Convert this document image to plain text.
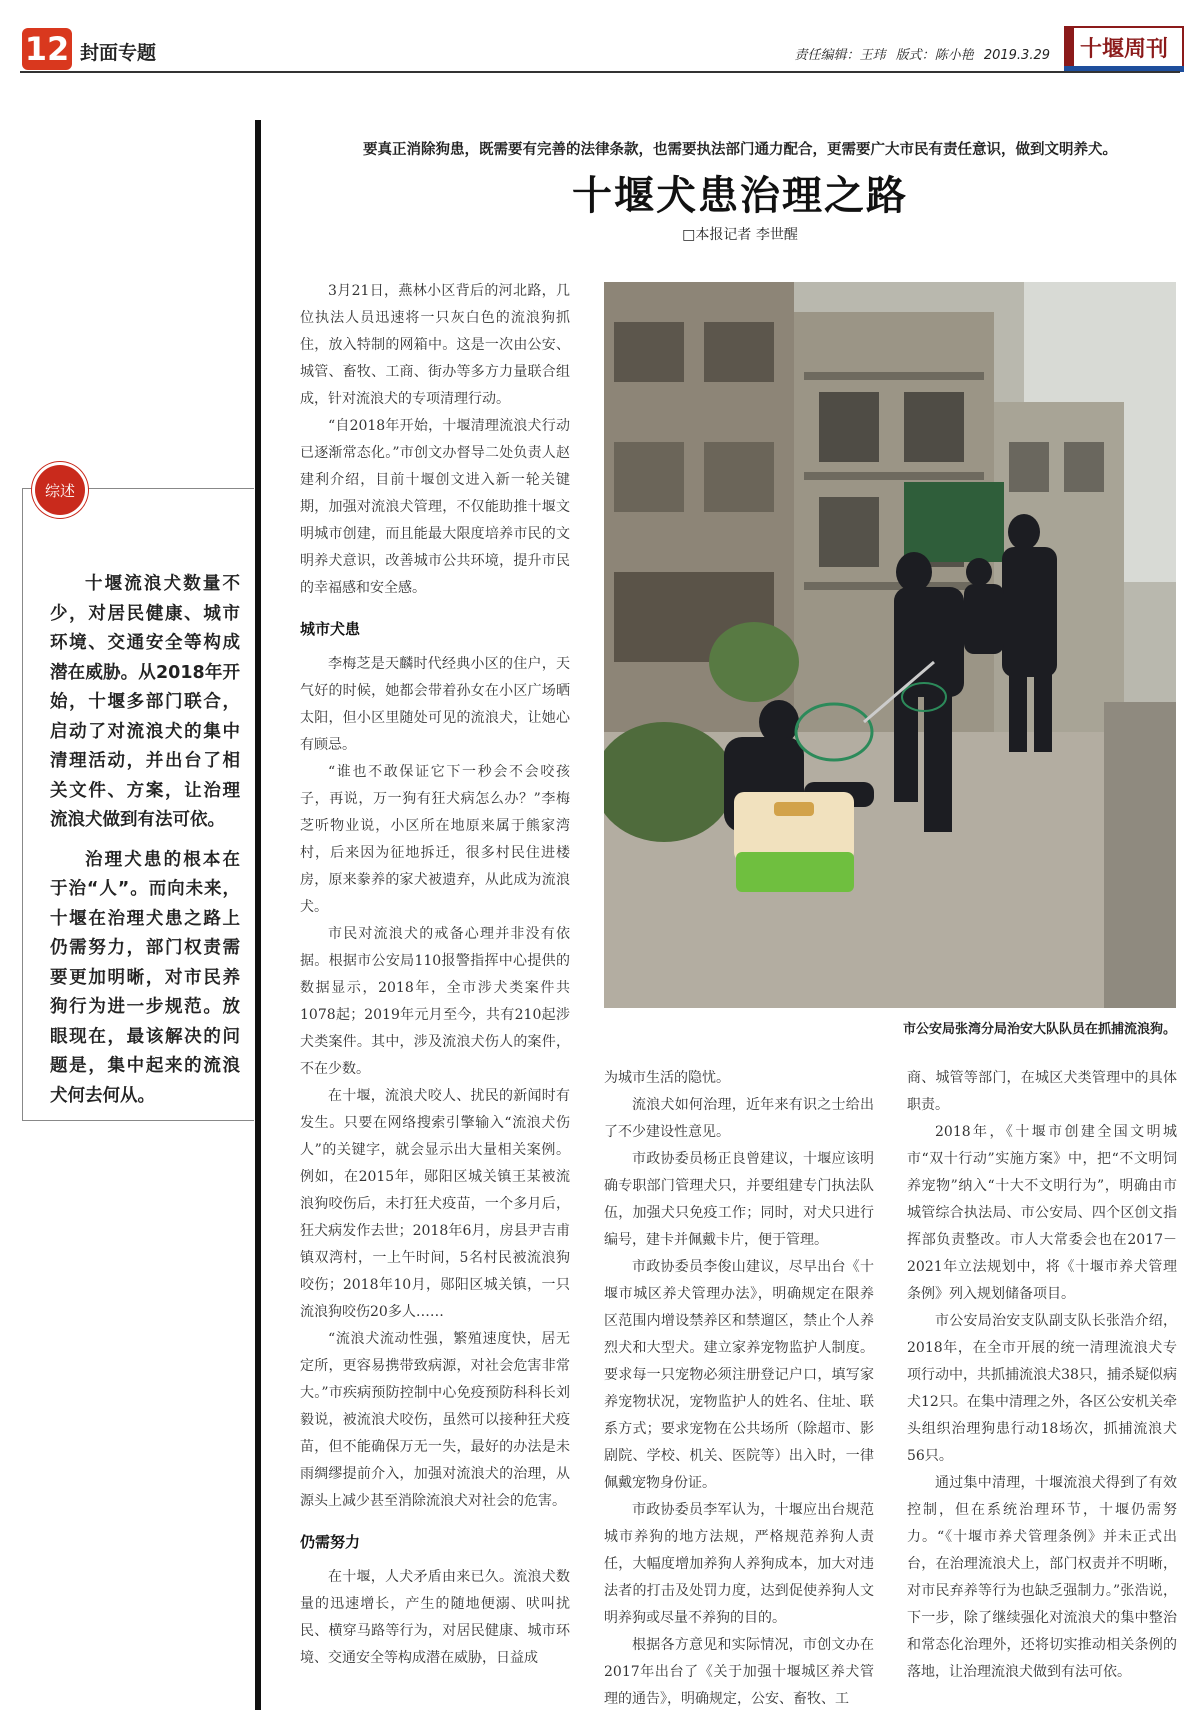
12 封面专题	责任编辑：王玮 版式：陈小艳 2019.3.29	十堰周刊
要真正消除狗患，既需要有完善的法律条款，也需要执法部门通力配合，更需要广大市民有责任意识，做到文明养犬。
十堰犬患治理之路
□本报记者 李世醒
综述

十堰流浪犬数量不少，对居民健康、城市环境、交通安全等构成潜在威胁。从2018年开始，十堰多部门联合，启动了对流浪犬的集中清理活动，并出台了相关文件、方案，让治理流浪犬做到有法可依。

治理犬患的根本在于治“人”。而向未来，十堰在治理犬患之路上仍需努力，部门权责需要更加明晰，对市民养狗行为进一步规范。放眼现在，最该解决的问题是，集中起来的流浪犬何去何从。

3月21日，燕林小区背后的河北路，几位执法人员迅速将一只灰白色的流浪狗抓住，放入特制的网箱中。这是一次由公安、城管、畜牧、工商、街办等多方力量联合组成，针对流浪犬的专项清理行动。

“自2018年开始，十堰清理流浪犬行动已逐渐常态化。”市创文办督导二处负责人赵建利介绍，目前十堰创文进入新一轮关键期，加强对流浪犬管理，不仅能助推十堰文明城市创建，而且能最大限度培养市民的文明养犬意识，改善城市公共环境，提升市民的幸福感和安全感。

城市犬患

李梅芝是天麟时代经典小区的住户，天气好的时候，她都会带着孙女在小区广场晒太阳，但小区里随处可见的流浪犬，让她心有顾忌。

“谁也不敢保证它下一秒会不会咬孩子，再说，万一狗有狂犬病怎么办？”李梅芝听物业说，小区所在地原来属于熊家湾村，后来因为征地拆迁，很多村民住进楼房，原来豢养的家犬被遗弃，从此成为流浪犬。

市民对流浪犬的戒备心理并非没有依据。根据市公安局110报警指挥中心提供的数据显示，2018年，全市涉犬类案件共1078起；2019年元月至今，共有210起涉犬类案件。其中，涉及流浪犬伤人的案件，不在少数。

在十堰，流浪犬咬人、扰民的新闻时有发生。只要在网络搜索引擎输入“流浪犬伤人”的关键字，就会显示出大量相关案例。例如，在2015年，郧阳区城关镇王某被流浪狗咬伤后，未打狂犬疫苗，一个多月后，狂犬病发作去世；2018年6月，房县尹吉甫镇双湾村，一上午时间，5名村民被流浪狗咬伤；2018年10月，郧阳区城关镇，一只流浪狗咬伤20多人……

“流浪犬流动性强，繁殖速度快，居无定所，更容易携带致病源，对社会危害非常大。”市疾病预防控制中心免疫预防科科长刘毅说，被流浪犬咬伤，虽然可以接种狂犬疫苗，但不能确保万无一失，最好的办法是未雨绸缪提前介入，加强对流浪犬的治理，从源头上减少甚至消除流浪犬对社会的危害。

仍需努力

在十堰，人犬矛盾由来已久。流浪犬数量的迅速增长，产生的随地便溺、吠叫扰民、横穿马路等行为，对居民健康、城市环境、交通安全等构成潜在威胁，日益成

市公安局张湾分局治安大队队员在抓捕流浪狗。

为城市生活的隐忧。

流浪犬如何治理，近年来有识之士给出了不少建设性意见。

市政协委员杨正良曾建议，十堰应该明确专职部门管理犬只，并要组建专门执法队伍，加强犬只免疫工作；同时，对犬只进行编号，建卡并佩戴卡片，便于管理。

市政协委员李俊山建议，尽早出台《十堰市城区养犬管理办法》，明确规定在限养区范围内增设禁养区和禁遛区，禁止个人养烈犬和大型犬。建立家养宠物监护人制度。要求每一只宠物必须注册登记户口，填写家养宠物状况，宠物监护人的姓名、住址、联系方式；要求宠物在公共场所（除超市、影剧院、学校、机关、医院等）出入时，一律佩戴宠物身份证。

市政协委员李军认为，十堰应出台规范城市养狗的地方法规，严格规范养狗人责任，大幅度增加养狗人养狗成本，加大对违法者的打击及处罚力度，达到促使养狗人文明养狗或尽量不养狗的目的。

根据各方意见和实际情况，市创文办在2017年出台了《关于加强十堰城区养犬管理的通告》，明确规定，公安、畜牧、工

商、城管等部门，在城区犬类管理中的具体职责。

2018年，《十堰市创建全国文明城市“双十行动”实施方案》中，把“不文明饲养宠物”纳入“十大不文明行为”，明确由市城管综合执法局、市公安局、四个区创文指挥部负责整改。市人大常委会也在2017－2021年立法规划中，将《十堰市养犬管理条例》列入规划储备项目。

市公安局治安支队副支队长张浩介绍，2018年，在全市开展的统一清理流浪犬专项行动中，共抓捕流浪犬38只，捕杀疑似病犬12只。在集中清理之外，各区公安机关牵头组织治理狗患行动18场次，抓捕流浪犬56只。

通过集中清理，十堰流浪犬得到了有效控制，但在系统治理环节，十堰仍需努力。“《十堰市养犬管理条例》并未正式出台，在治理流浪犬上，部门权责并不明晰，对市民弃养等行为也缺乏强制力。”张浩说，下一步，除了继续强化对流浪犬的集中整治和常态化治理外，还将切实推动相关条例的落地，让治理流浪犬做到有法可依。
